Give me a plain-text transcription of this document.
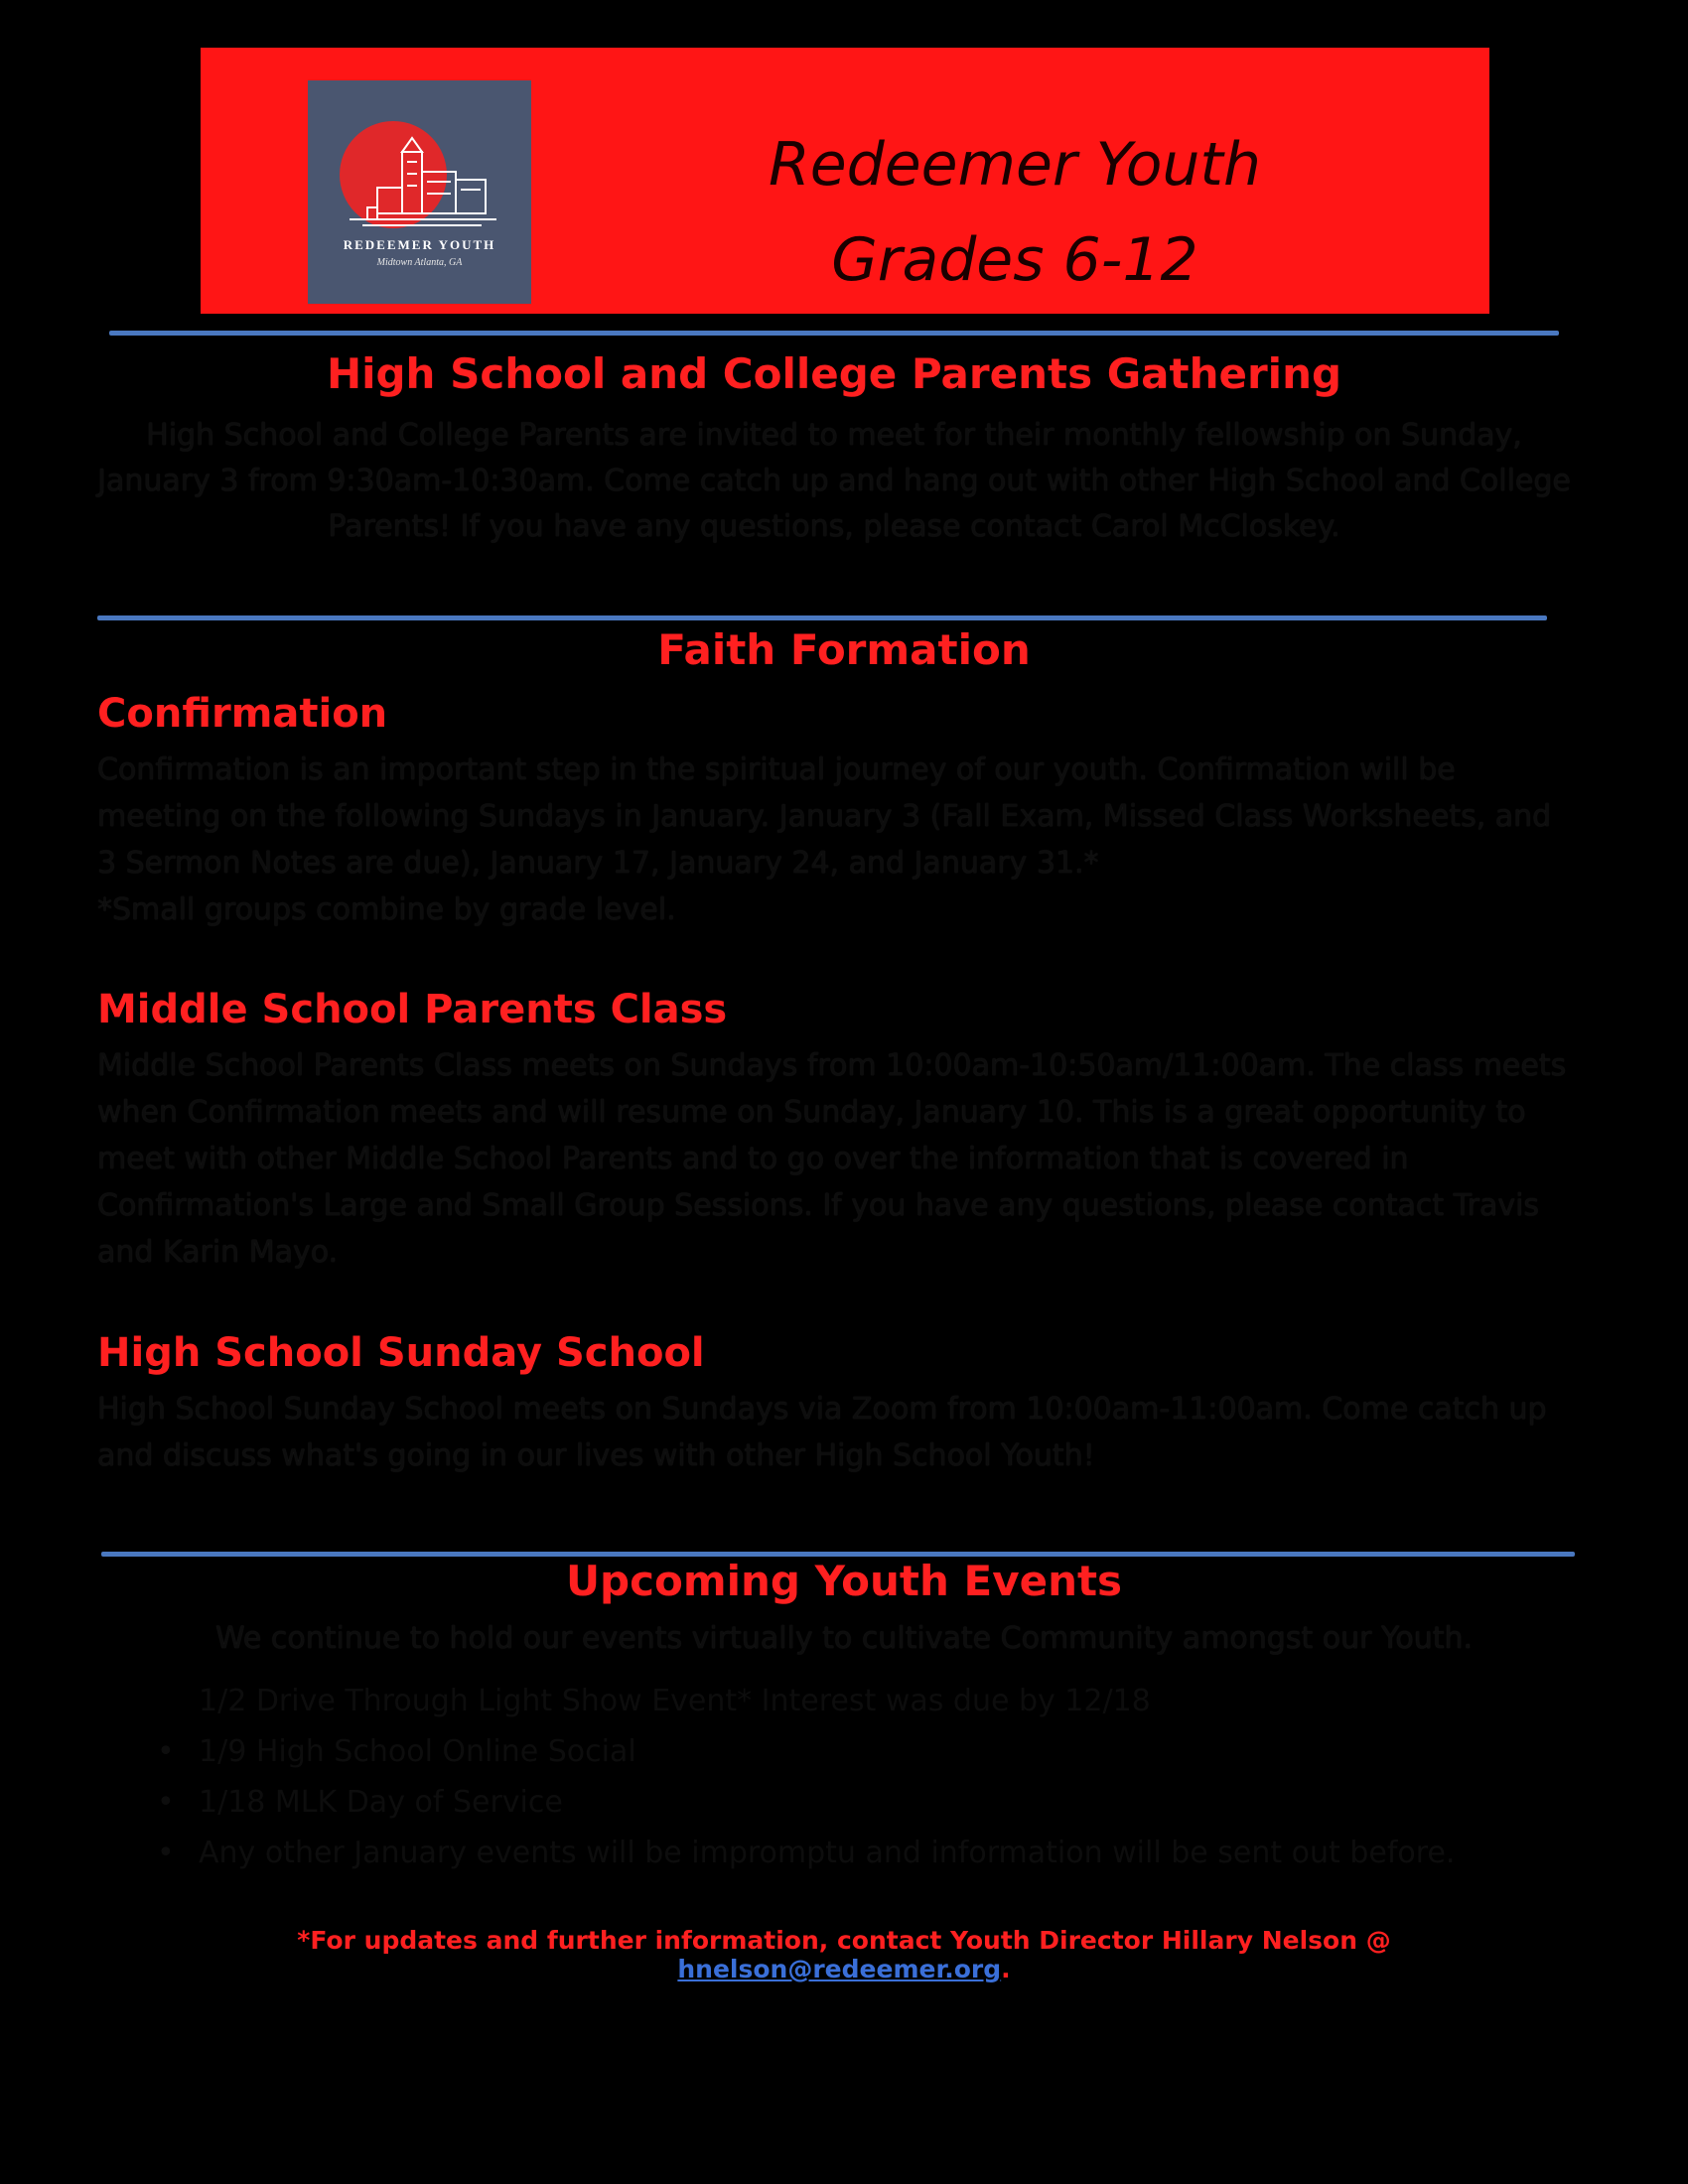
REDEEMER YOUTH
Midtown Atlanta, GA
Redeemer Youth
Grades 6-12
High School and College Parents Gathering
High School and College Parents are invited to meet for their monthly fellowship on Sunday, January 3 from 9:30am-10:30am. Come catch up and hang out with other High School and College Parents! If you have any questions, please contact Carol McCloskey.
Faith Formation
Confirmation

Confirmation is an important step in the spiritual journey of our youth. Confirmation will be meeting on the following Sundays in January. January 3 (Fall Exam, Missed Class Worksheets, and 3 Sermon Notes are due), January 17, January 24, and January 31.*

*Small groups combine by grade level.

Middle School Parents Class
Middle School Parents Class meets on Sundays from 10:00am-10:50am/11:00am. The class meets when Confirmation meets and will resume on Sunday, January 10. This is a great opportunity to meet with other Middle School Parents and to go over the information that is covered in Confirmation's Large and Small Group Sessions. If you have any questions, please contact Travis and Karin Mayo.
High School Sunday School
High School Sunday School meets on Sundays via Zoom from 10:00am-11:00am. Come catch up and discuss what's going in our lives with other High School Youth!
Upcoming Youth Events
We continue to hold our events virtually to cultivate Community amongst our Youth.
1/2 Drive Through Light Show Event* Interest was due by 12/18
• 1/9 High School Online Social
• 1/18 MLK Day of Service
• Any other January events will be impromptu and information will be sent out before.
*For updates and further information, contact Youth Director Hillary Nelson @ hnelson@redeemer.org.
